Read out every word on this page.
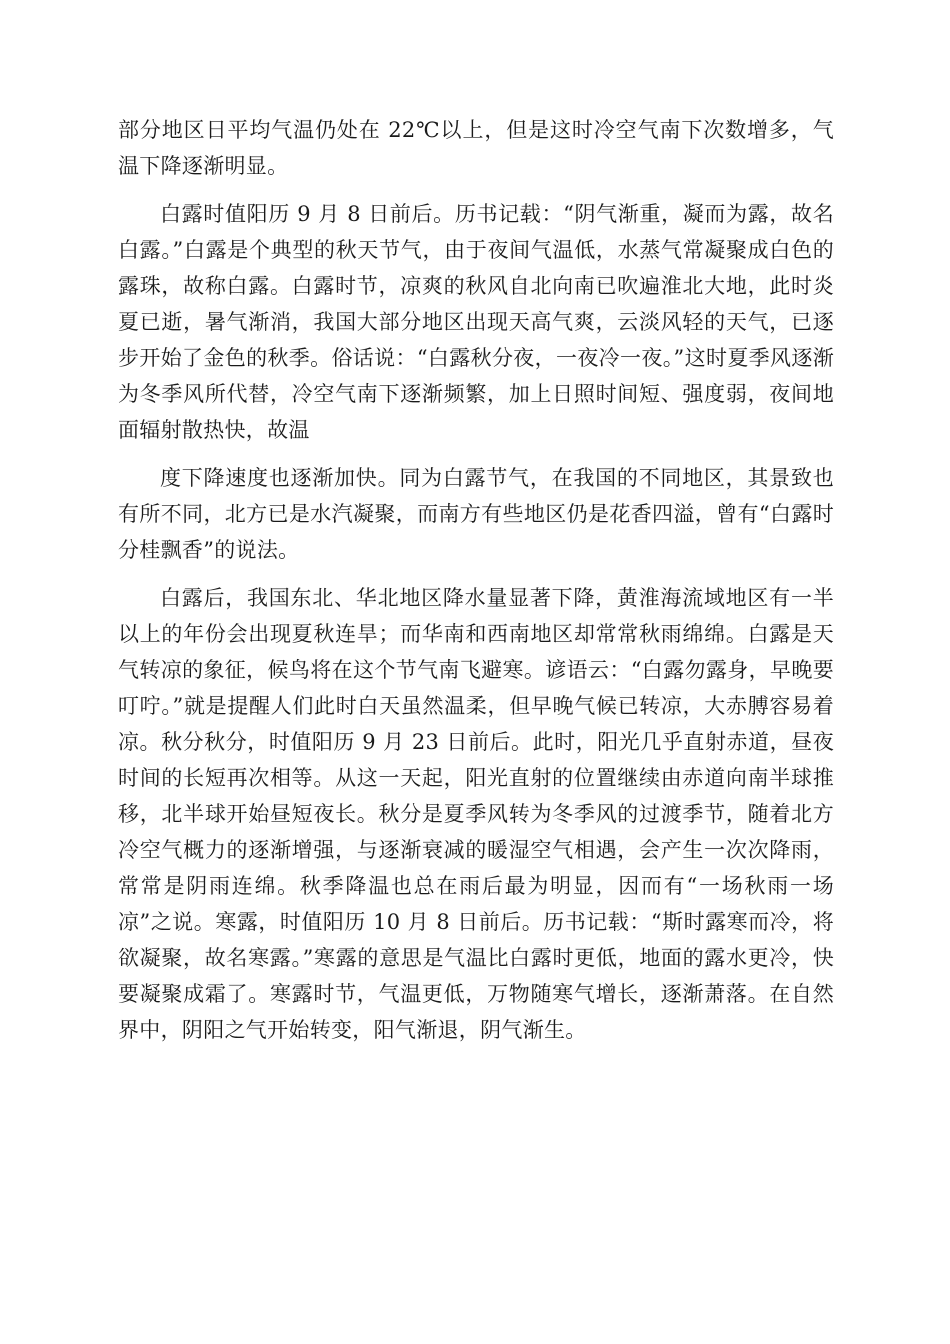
部分地区日平均气温仍处在 22℃以上，但是这时冷空气南下次数增多，气温下降逐渐明显。

白露时值阳历 9 月 8 日前后。历书记载：“阴气渐重，凝而为露，故名白露。”白露是个典型的秋天节气，由于夜间气温低，水蒸气常凝聚成白色的露珠，故称白露。白露时节，凉爽的秋风自北向南已吹遍淮北大地，此时炎夏已逝，暑气渐消，我国大部分地区出现天高气爽，云淡风轻的天气，已逐步开始了金色的秋季。俗话说：“白露秋分夜，一夜冷一夜。”这时夏季风逐渐为冬季风所代替，冷空气南下逐渐频繁，加上日照时间短、强度弱，夜间地面辐射散热快，故温

度下降速度也逐渐加快。同为白露节气，在我国的不同地区，其景致也有所不同，北方已是水汽凝聚，而南方有些地区仍是花香四溢，曾有“白露时分桂飘香”的说法。

白露后，我国东北、华北地区降水量显著下降，黄淮海流域地区有一半以上的年份会出现夏秋连旱；而华南和西南地区却常常秋雨绵绵。白露是天气转凉的象征，候鸟将在这个节气南飞避寒。谚语云：“白露勿露身，早晚要叮咛。”就是提醒人们此时白天虽然温柔，但早晚气候已转凉，大赤膊容易着凉。秋分秋分，时值阳历 9 月 23 日前后。此时，阳光几乎直射赤道，昼夜时间的长短再次相等。从这一天起，阳光直射的位置继续由赤道向南半球推移，北半球开始昼短夜长。秋分是夏季风转为冬季风的过渡季节，随着北方冷空气概力的逐渐增强，与逐渐衰减的暖湿空气相遇，会产生一次次降雨，常常是阴雨连绵。秋季降温也总在雨后最为明显，因而有“一场秋雨一场凉”之说。寒露，时值阳历 10 月 8 日前后。历书记载：“斯时露寒而冷，将欲凝聚，故名寒露。”寒露的意思是气温比白露时更低，地面的露水更冷，快要凝聚成霜了。寒露时节，气温更低，万物随寒气增长，逐渐萧落。在自然界中，阴阳之气开始转变，阳气渐退，阴气渐生。
